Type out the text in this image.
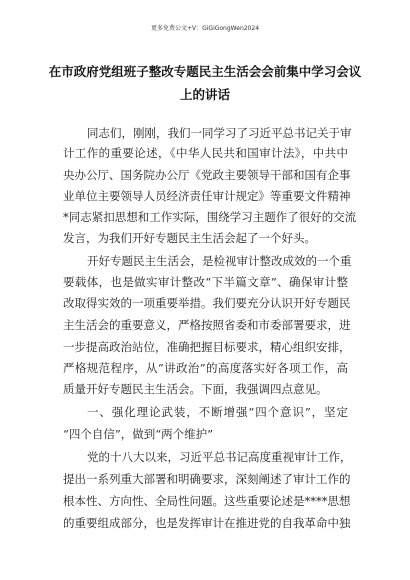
更多免费公文+V：GiGiGongWen2024
在市政府党组班子整改专题民主生活会会前集中学习会议
上的讲话
同志们，刚刚，我们一同学习了习近平总书记关于审
计工作的重要论述，《中华人民共和国审计法》，中共中
央办公厅、国务院办公厅《党政主要领导干部和国有企事
业单位主要领导人员经济责任审计规定》等重要文件精神
*同志紧扣思想和工作实际，围绕学习主题作了很好的交流
发言，为我们开好专题民主生活会起了一个好头。
开好专题民主生活会，是检视审计整改成效的一个重
要载体，也是做实审计整改“下半篇文章”、确保审计整
改取得实效的一项重要举措。我们要充分认识开好专题民
主生活会的重要意义，严格按照省委和市委部署要求，进
一步提高政治站位，准确把握目标要求，精心组织安排，
严格规范程序，从“讲政治”的高度落实好各项工作，高
质量开好专题民主生活会。下面，我强调四点意见。
一、强化理论武装，不断增强“四个意识”，坚定
“四个自信”，做到“两个维护”
党的十八大以来，习近平总书记高度重视审计工作，
提出一系列重大部署和明确要求，深刻阐述了审计工作的
根本性、方向性、全局性问题。这些重要论述是****思想
的重要组成部分，也是发挥审计在推进党的自我革命中独
